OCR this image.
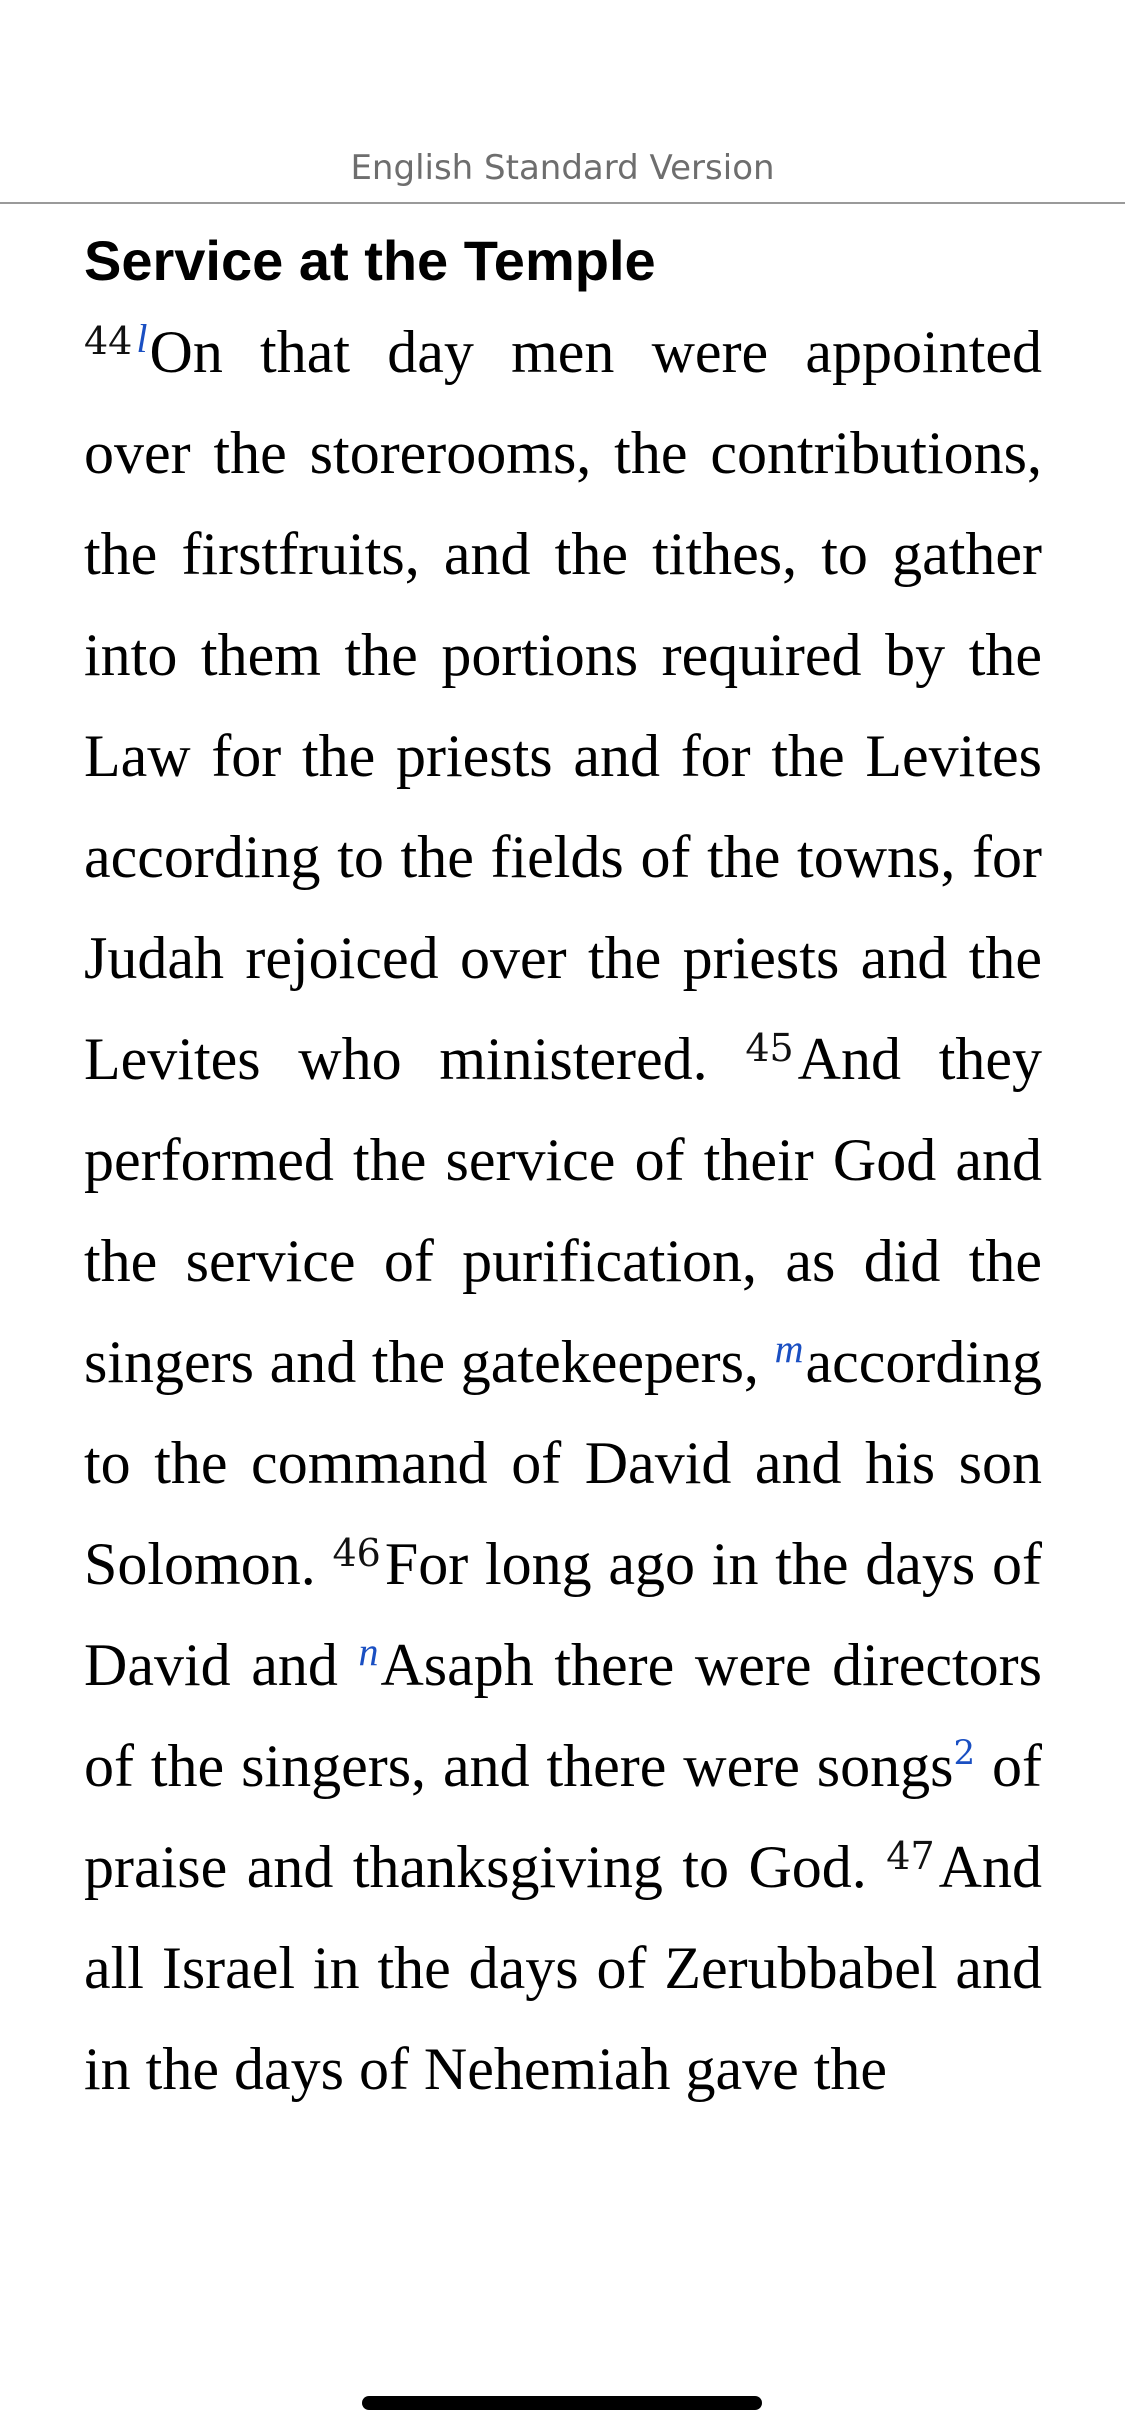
English Standard Version

Service at the Temple

$^{44}$ $^l$On that day men were appointed over the storerooms, the contributions, the firstfruits, and the tithes, to gather into them the portions required by the Law for the priests and for the Levites according to the fields of the towns, for Judah rejoiced over the priests and the Levites who ministered. $^{45}$And they performed the service of their God and the service of purification, as did the singers and the gatekeepers, $^m$according to the command of David and his son Solomon. $^{46}$For long ago in the days of David and $^n$Asaph there were directors of the singers, and there were songs$^2$ of praise and thanksgiving to God. $^{47}$And all Israel in the days of Zerubbabel and in the days of Nehemiah gave the
